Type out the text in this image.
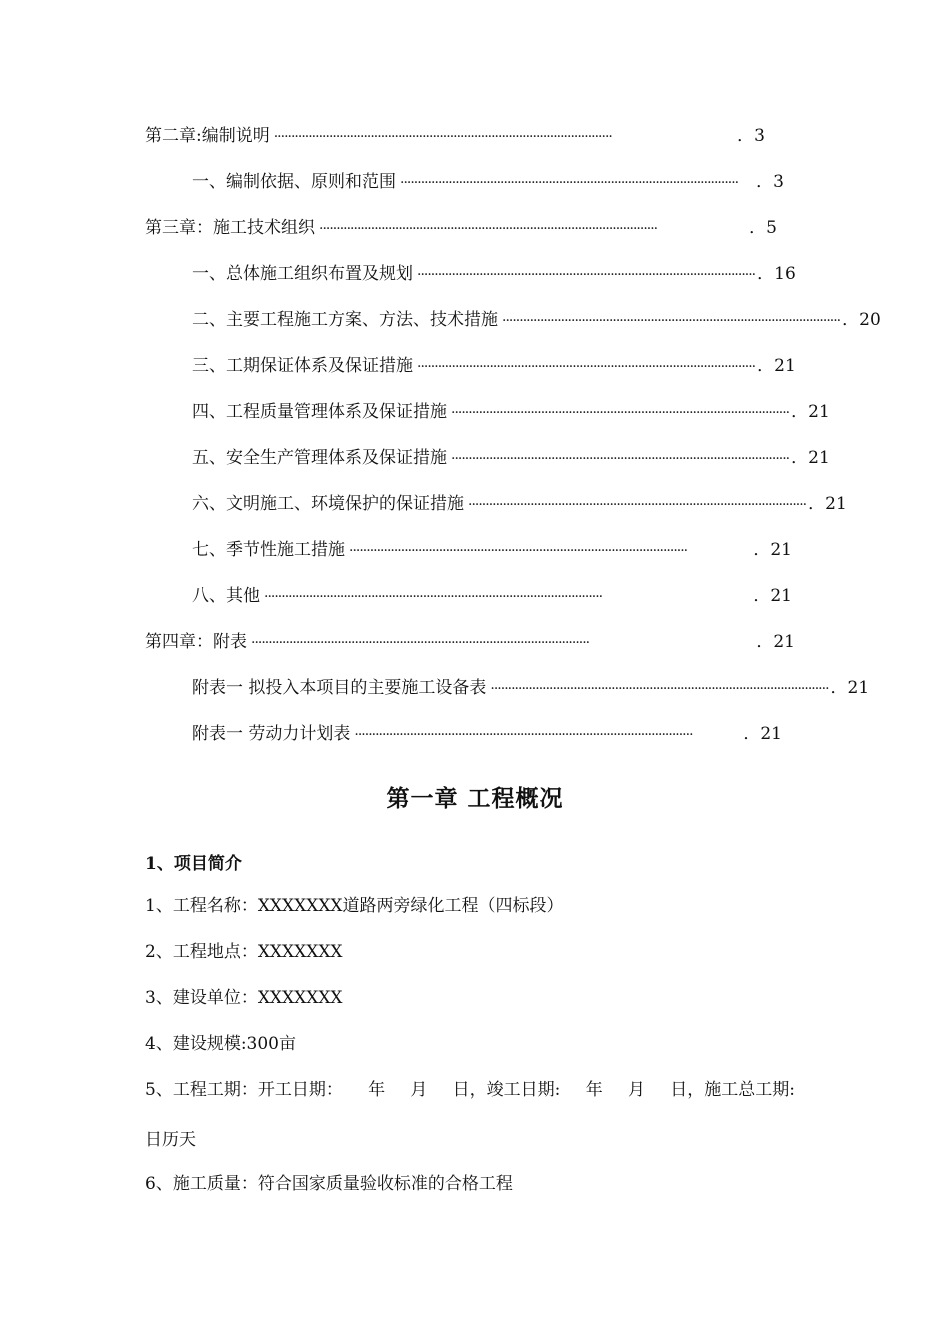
第二章:编制说明 ··································································································	．3
一、编制依据、原则和范围 ··································································································	．3
第三章：施工技术组织 ··································································································	．5
一、总体施工组织布置及规划 ·································································································· ．16
二、主要工程施工方案、方法、技术措施 ·································································································· ．20
三、工期保证体系及保证措施 ·································································································· ．21
四、工程质量管理体系及保证措施 ·································································································· ．21
五、安全生产管理体系及保证措施 ·································································································· ．21
六、文明施工、环境保护的保证措施 ·································································································· ．21
七、季节性施工措施 ··································································································	．21
八、其他 ··································································································	．21
第四章：附表 ··································································································	．21
附表一 拟投入本项目的主要施工设备表 ·································································································· ．21
附表一 劳动力计划表 ··································································································	．21
第一章 工程概况
1、项目简介
1、工程名称：XXXXXXX道路两旁绿化工程（四标段）
2、工程地点：XXXXXXX
3、建设单位：XXXXXXX
4、建设规模:300亩
5、工程工期：开工日期： 年 月 日，竣工日期: 年 月 日，施工总工期:
日历天
6、施工质量：符合国家质量验收标准的合格工程
